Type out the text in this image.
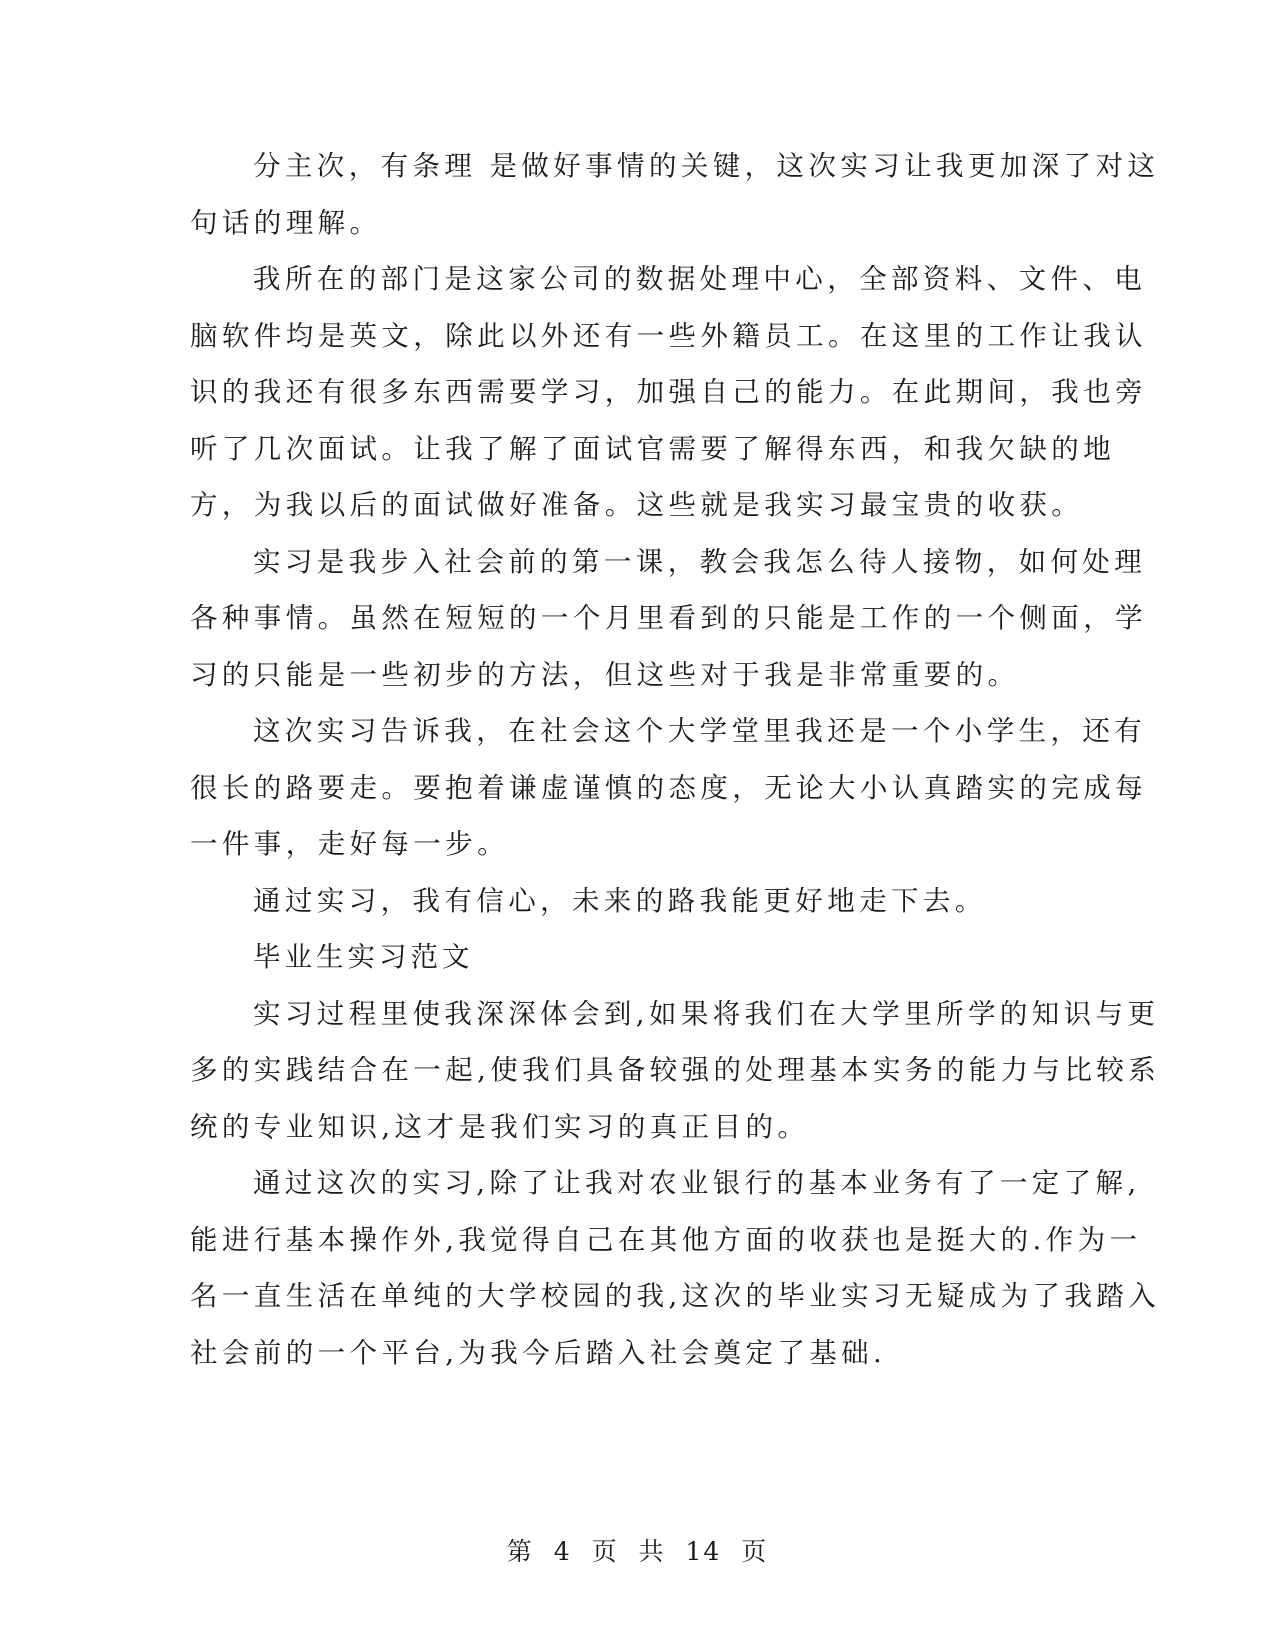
分主次，有条理 是做好事情的关键，这次实习让我更加深了对这
句话的理解。

我所在的部门是这家公司的数据处理中心，全部资料、文件、电
脑软件均是英文，除此以外还有一些外籍员工。在这里的工作让我认
识的我还有很多东西需要学习，加强自己的能力。在此期间，我也旁
听了几次面试。让我了解了面试官需要了解得东西，和我欠缺的地
方，为我以后的面试做好准备。这些就是我实习最宝贵的收获。

实习是我步入社会前的第一课，教会我怎么待人接物，如何处理
各种事情。虽然在短短的一个月里看到的只能是工作的一个侧面，学
习的只能是一些初步的方法，但这些对于我是非常重要的。

这次实习告诉我，在社会这个大学堂里我还是一个小学生，还有
很长的路要走。要抱着谦虚谨慎的态度，无论大小认真踏实的完成每
一件事，走好每一步。

通过实习，我有信心，未来的路我能更好地走下去。

毕业生实习范文

实习过程里使我深深体会到,如果将我们在大学里所学的知识与更
多的实践结合在一起,使我们具备较强的处理基本实务的能力与比较系
统的专业知识,这才是我们实习的真正目的。

通过这次的实习,除了让我对农业银行的基本业务有了一定了解,
能进行基本操作外,我觉得自己在其他方面的收获也是挺大的.作为一
名一直生活在单纯的大学校园的我,这次的毕业实习无疑成为了我踏入
社会前的一个平台,为我今后踏入社会奠定了基础.

第 4 页 共 14 页
